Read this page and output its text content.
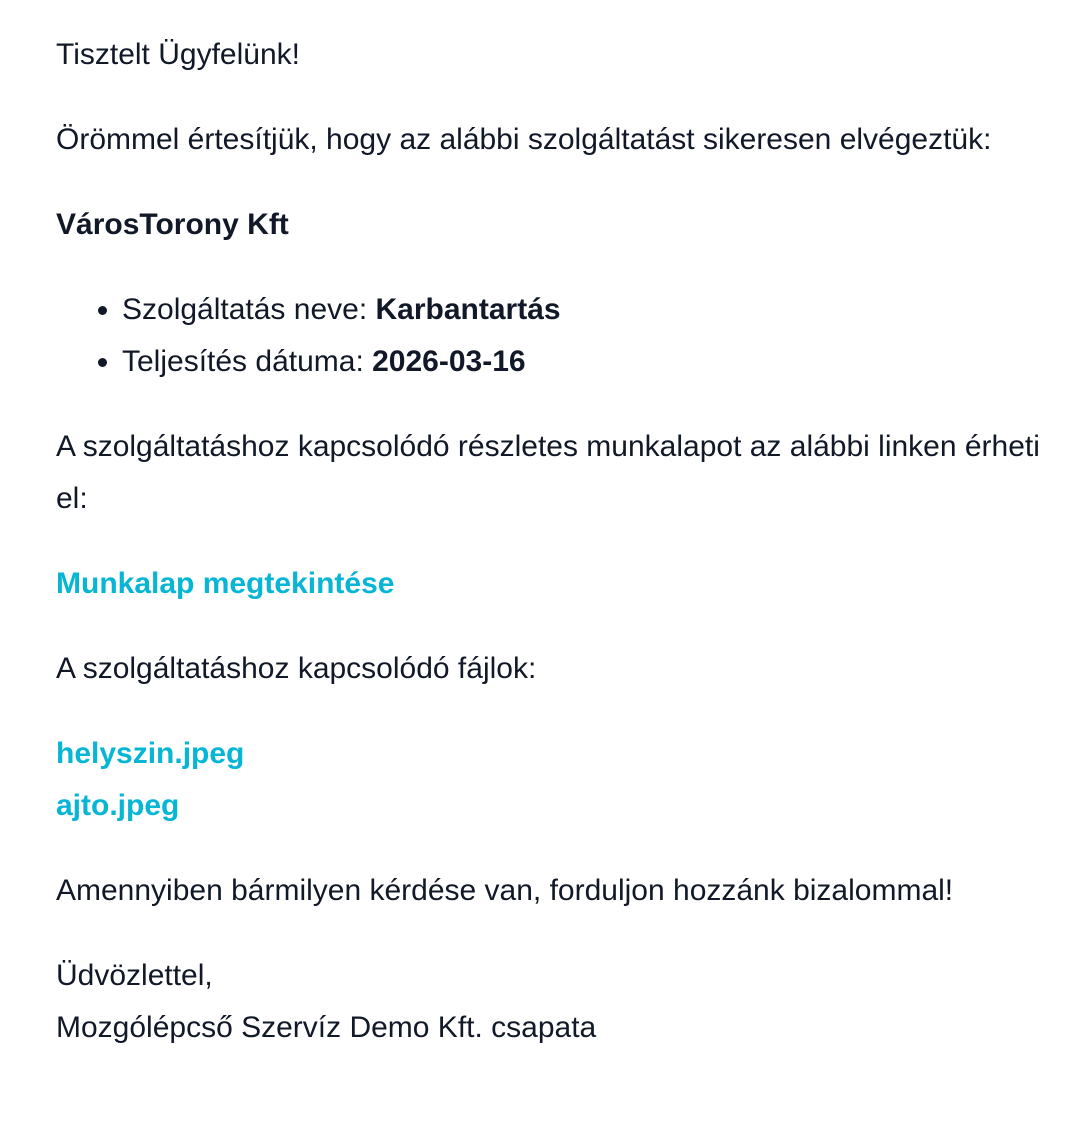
Tisztelt Ügyfelünk!

Örömmel értesítjük, hogy az alábbi szolgáltatást sikeresen elvégeztük:

VárosTorony Kft

• Szolgáltatás neve: Karbantartás
• Teljesítés dátuma: 2026-03-16

A szolgáltatáshoz kapcsolódó részletes munkalapot az alábbi linken érheti el:

Munkalap megtekintése

A szolgáltatáshoz kapcsolódó fájlok:

helyszin.jpeg

ajto.jpeg

Amennyiben bármilyen kérdése van, forduljon hozzánk bizalommal!

Üdvözlettel,
Mozgólépcső Szervíz Demo Kft. csapata
